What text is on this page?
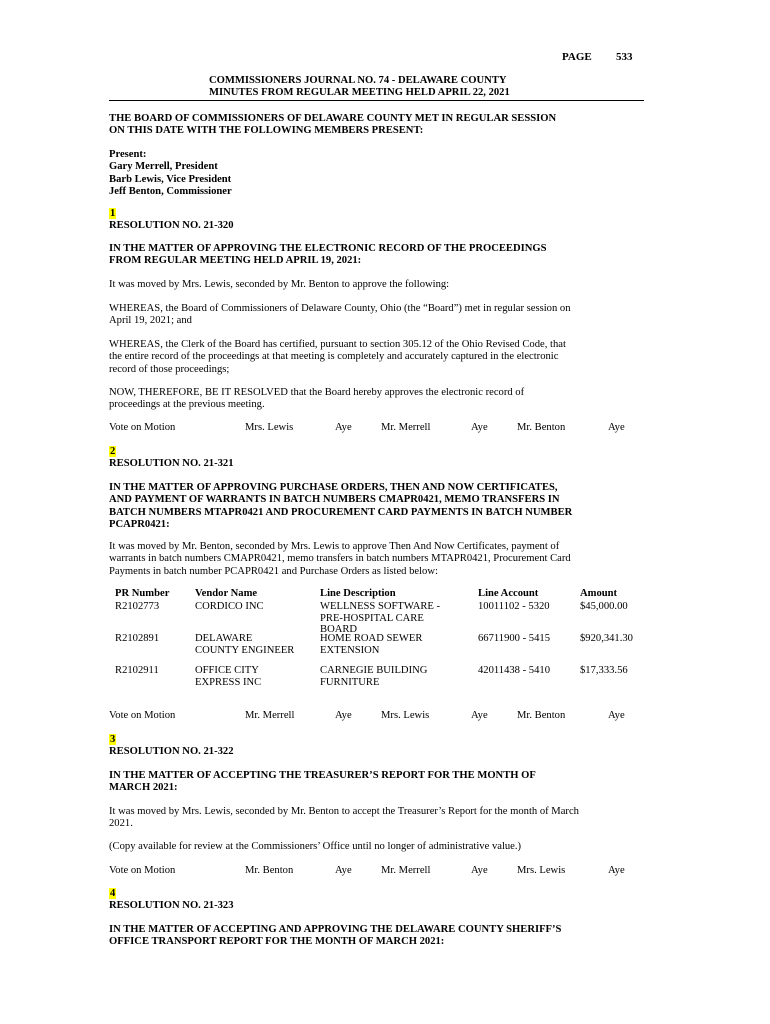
PAGE 533
COMMISSIONERS JOURNAL NO. 74 - DELAWARE COUNTY
MINUTES FROM REGULAR MEETING HELD APRIL 22, 2021
THE BOARD OF COMMISSIONERS OF DELAWARE COUNTY MET IN REGULAR SESSION
ON THIS DATE WITH THE FOLLOWING MEMBERS PRESENT:
Present:
Gary Merrell, President
Barb Lewis, Vice President
Jeff Benton, Commissioner
1
RESOLUTION NO. 21-320
IN THE MATTER OF APPROVING THE ELECTRONIC RECORD OF THE PROCEEDINGS
FROM REGULAR MEETING HELD APRIL 19, 2021:
It was moved by Mrs. Lewis, seconded by Mr. Benton to approve the following:
WHEREAS, the Board of Commissioners of Delaware County, Ohio (the “Board”) met in regular session on
April 19, 2021; and
WHEREAS, the Clerk of the Board has certified, pursuant to section 305.12 of the Ohio Revised Code, that
the entire record of the proceedings at that meeting is completely and accurately captured in the electronic
record of those proceedings;
NOW, THEREFORE, BE IT RESOLVED that the Board hereby approves the electronic record of
proceedings at the previous meeting.
Vote on Motion	Mrs. Lewis	Aye	Mr. Merrell	Aye	Mr. Benton	Aye
2
RESOLUTION NO. 21-321
IN THE MATTER OF APPROVING PURCHASE ORDERS, THEN AND NOW CERTIFICATES,
AND PAYMENT OF WARRANTS IN BATCH NUMBERS CMAPR0421, MEMO TRANSFERS IN
BATCH NUMBERS MTAPR0421 AND PROCUREMENT CARD PAYMENTS IN BATCH NUMBER
PCAPR0421:
It was moved by Mr. Benton, seconded by Mrs. Lewis to approve Then And Now Certificates, payment of
warrants in batch numbers CMAPR0421, memo transfers in batch numbers MTAPR0421, Procurement Card
Payments in batch number PCAPR0421 and Purchase Orders as listed below:
PR Number Vendor Name	Line Description	Line Account	Amount
R2102773	CORDICO INC	WELLNESS SOFTWARE -
PRE-HOSPITAL CARE
BOARD
10011102 - 5320	$45,000.00
R2102891	DELAWARE
COUNTY ENGINEER
HOME ROAD SEWER
EXTENSION
66711900 - 5415	$920,341.30
R2102911	OFFICE CITY
EXPRESS INC
CARNEGIE BUILDING
FURNITURE
42011438 - 5410	$17,333.56
Vote on Motion	Mr. Merrell	Aye	Mrs. Lewis	Aye	Mr. Benton	Aye
3
RESOLUTION NO. 21-322
IN THE MATTER OF ACCEPTING THE TREASURER’S REPORT FOR THE MONTH OF
MARCH 2021:
It was moved by Mrs. Lewis, seconded by Mr. Benton to accept the Treasurer’s Report for the month of March
2021.
(Copy available for review at the Commissioners’ Office until no longer of administrative value.)
Vote on Motion	Mr. Benton	Aye	Mr. Merrell	Aye	Mrs. Lewis	Aye
4
RESOLUTION NO. 21-323
IN THE MATTER OF ACCEPTING AND APPROVING THE DELAWARE COUNTY SHERIFF’S
OFFICE TRANSPORT REPORT FOR THE MONTH OF MARCH 2021:
